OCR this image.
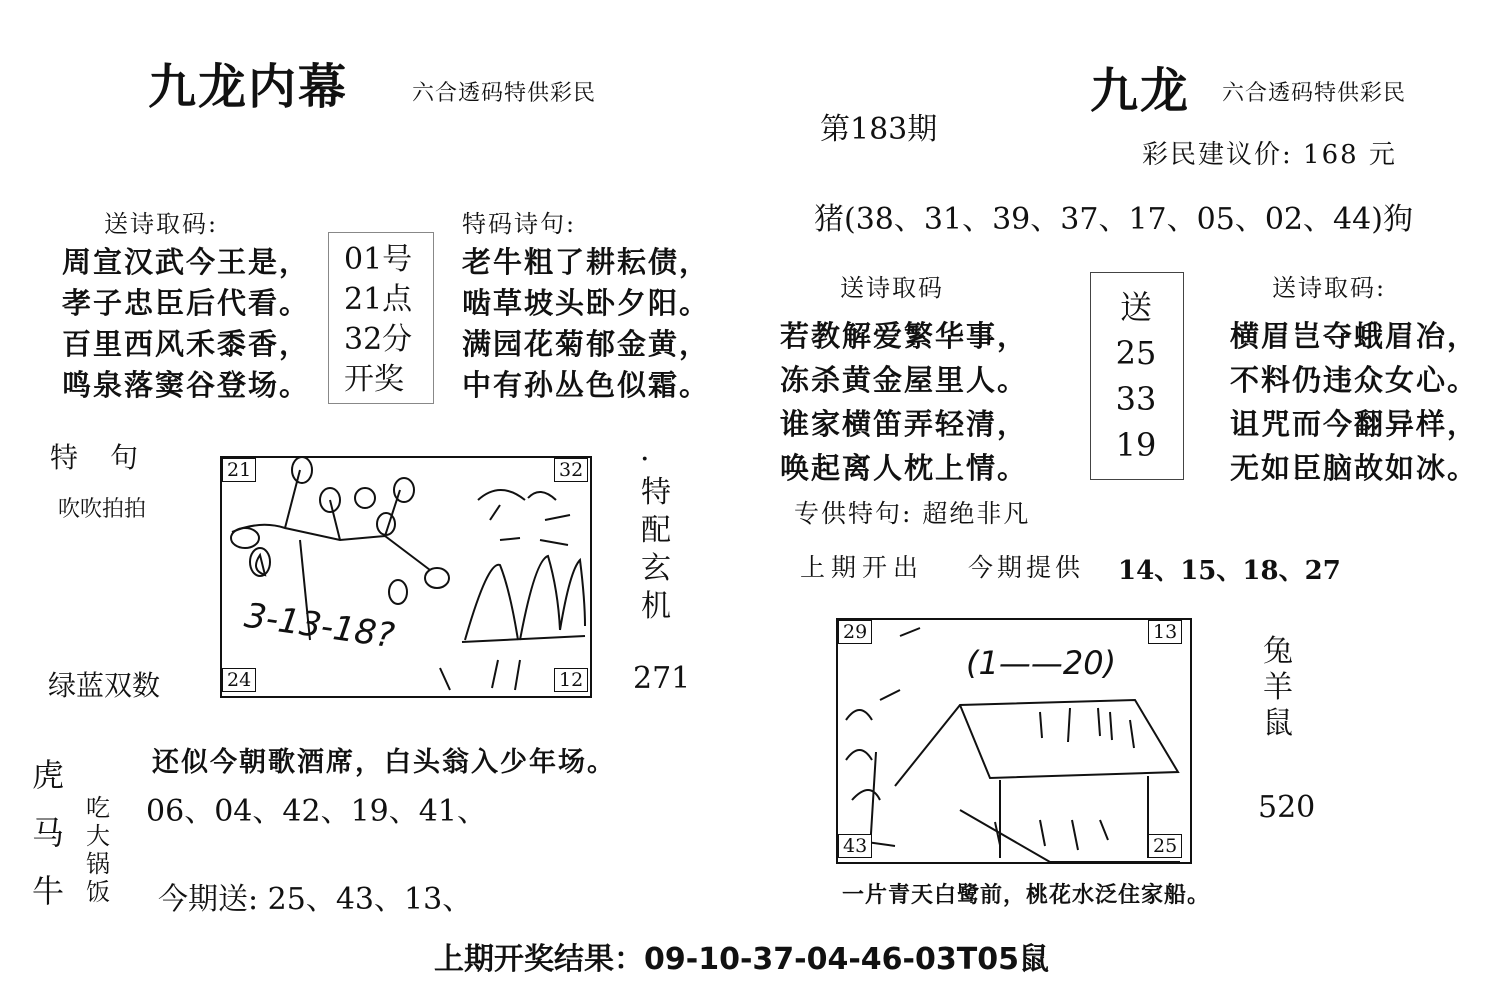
九龙内幕	六合透码特供彩民
送诗取码:
周宣汉武今王是，
孝子忠臣后代看。
百里西风禾黍香，
鸣泉落窦谷登场。
01号
21点
32分
开奖
特码诗句:
老牛粗了耕耘债，
啮草坡头卧夕阳。
满园花菊郁金黄，
中有孙丛色似霜。
特　句
吹吹拍拍
绿蓝双数
21	32
24	12
3-13-18?
·
特
配
玄
机
271
还似今朝歌酒席，白头翁入少年场。
虎
马
牛
吃
大
锅
饭
06、04、42、19、41、
今期送: 25、43、13、
九龙 六合透码特供彩民
第183期
彩民建议价: 168 元
猪(38、31、39、37、17、05、02、44)狗
送诗取码
若教解爱繁华事，
冻杀黄金屋里人。
谁家横笛弄轻清，
唤起离人枕上情。
送
25
33
19
送诗取码:
横眉岂夺蛾眉冶，
不料仍违众女心。
诅咒而今翻异样，
无如臣脑故如冰。
专供特句: 超绝非凡
上期开出 今期提供 14、15、18、27
29	13
43	25
(1——20)	兔
羊
鼠
520
一片青天白鹭前，桃花水泛住家船。
上期开奖结果：09-10-37-04-46-03T05鼠
